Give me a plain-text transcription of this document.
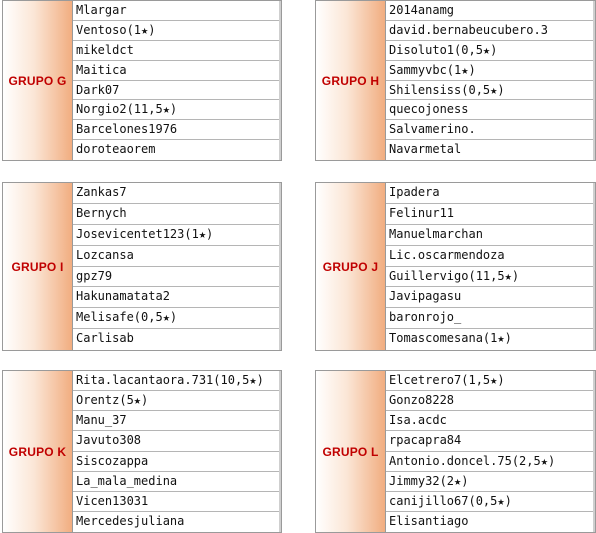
GRUPO G
Mlargar
Ventoso(1★)
mikeldct
Maitica
Dark07
Norgio2(11,5★)
Barcelones1976
doroteaorem
GRUPO H
2014anamg
david.bernabeucubero.3
Disoluto1(0,5★)
Sammyvbc(1★)
Shilensiss(0,5★)
quecojoness
Salvamerino.
Navarmetal
GRUPO I
Zankas7
Bernych
Josevicentet123(1★)
Lozcansa
gpz79
Hakunamatata2
Melisafe(0,5★)
Carlisab
GRUPO J
Ipadera
Felinur11
Manuelmarchan
Lic.oscarmendoza
Guillervigo(11,5★)
Javipagasu
baronrojo_
Tomascomesana(1★)
GRUPO K
Rita.lacantaora.731(10,5★)
Orentz(5★)
Manu_37
Javuto308
Siscozappa
La_mala_medina
Vicen13031
Mercedesjuliana
GRUPO L
Elcetrero7(1,5★)
Gonzo8228
Isa.acdc
rpacapra84
Antonio.doncel.75(2,5★)
Jimmy32(2★)
canijillo67(0,5★)
Elisantiago
